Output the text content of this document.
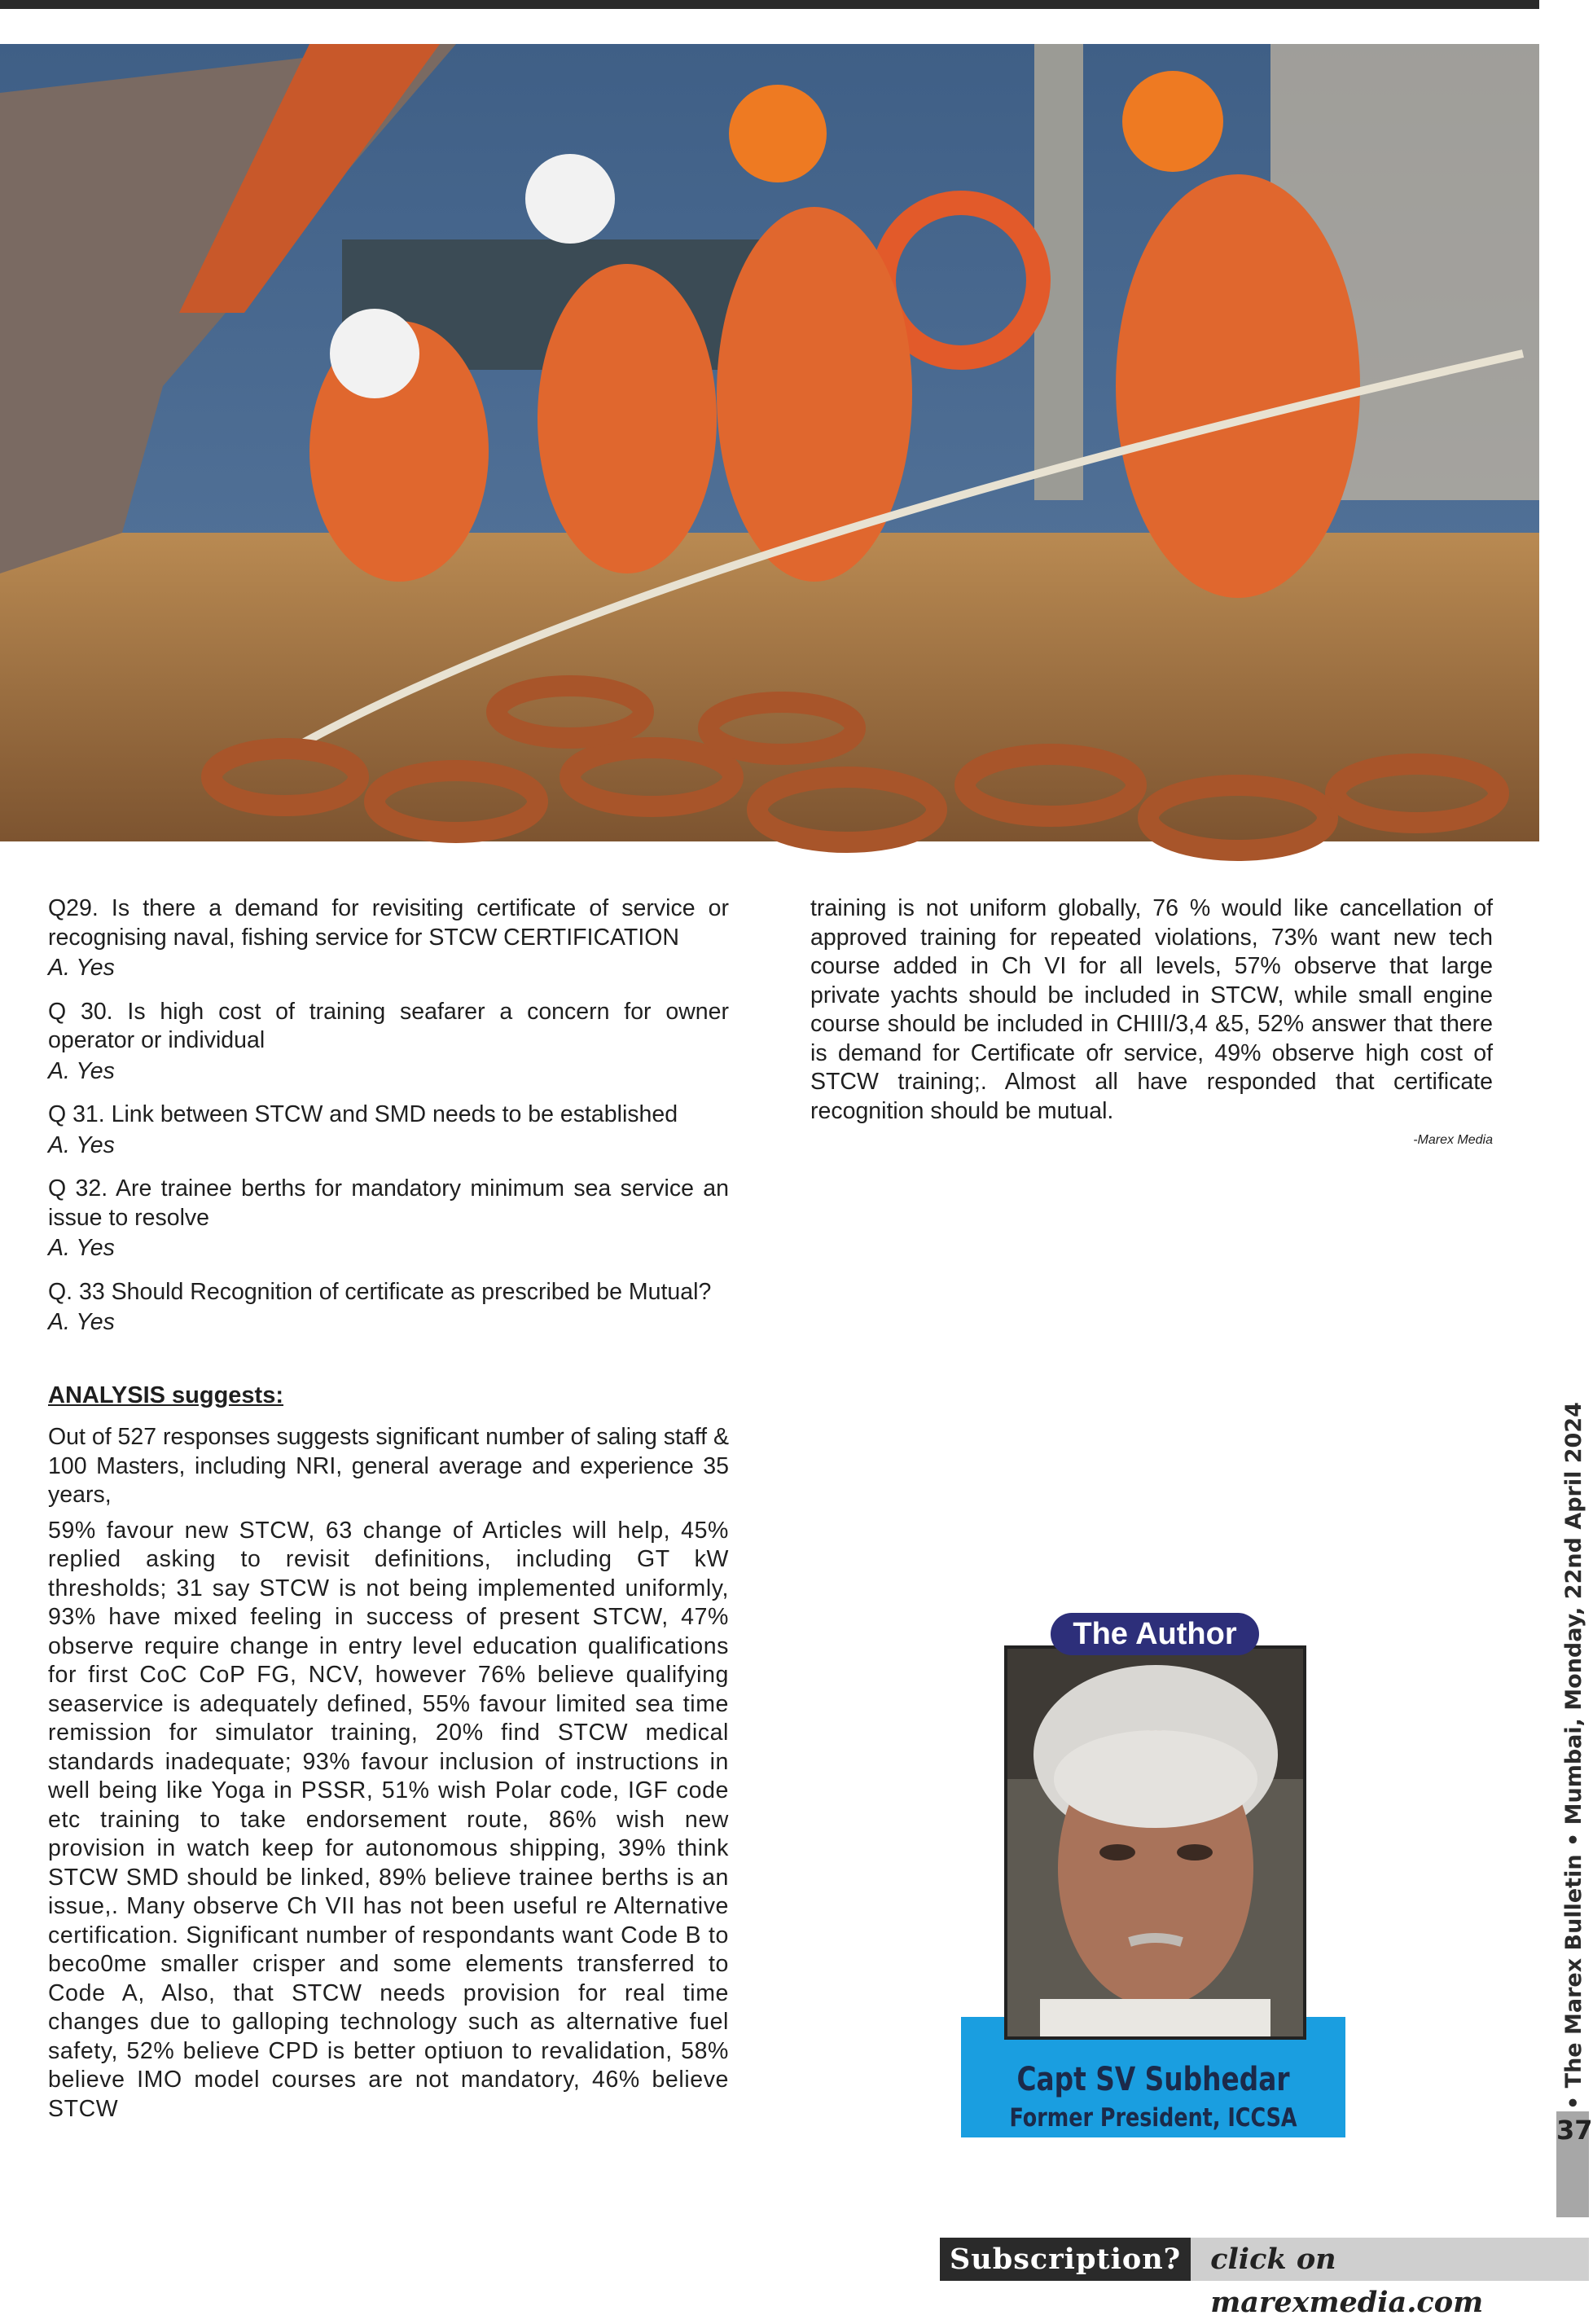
Q29. Is there a demand for revisiting certificate of service or recognising naval, fishing service for STCW CERTIFICATION

A. Yes

Q 30. Is high cost of training seafarer a concern for owner operator or individual

A. Yes

Q 31. Link between STCW and SMD needs to be established

A. Yes

Q 32. Are trainee berths for mandatory minimum sea service an issue to resolve

A. Yes

Q. 33 Should Recognition of certificate as prescribed be Mutual?

A. Yes

ANALYSIS suggests:

Out of 527 responses suggests significant number of saling staff & 100 Masters, including NRI, general average and experience 35 years,

59% favour new STCW, 63 change of Articles will help, 45% replied asking to revisit definitions, including GT kW thresholds; 31 say STCW is not being implemented uniformly, 93% have mixed feeling in success of present STCW, 47% observe require change in entry level education qualifications for first CoC CoP FG, NCV, however 76% believe qualifying seaservice is adequately defined, 55% favour limited sea time remission for simulator training, 20% find STCW medical standards inadequate; 93% favour inclusion of instructions in well being like Yoga in PSSR, 51% wish Polar code, IGF code etc training to take endorsement route, 86% wish new provision in watch keep for autonomous shipping, 39% think STCW SMD should be linked, 89% believe trainee berths is an issue,. Many observe Ch VII has not been useful re Alternative certification. Significant number of respondants want Code B to beco0me smaller crisper and some elements transferred to Code A, Also, that STCW needs provision for real time changes due to galloping technology such as alternative fuel safety, 52% believe CPD is better optiuon to revalidation, 58% believe IMO model courses are not mandatory, 46% believe STCW

training is not uniform globally, 76 % would like cancellation of approved training for repeated violations, 73% want new tech course added in Ch VI for all levels, 57% observe that large private yachts should be included in STCW, while small engine course should be included in CHIII/3,4 &5, 52% answer that there is demand for Certificate ofr service, 49% observe high cost of STCW training;. Almost all have responded that certificate recognition should be mutual.

-Marex Media
The Author
Capt SV Subhedar
Former President, ICCSA
• The Marex Bulletin • Mumbai, Monday, 22nd April 2024
37
Subscription?	click on marexmedia.com
